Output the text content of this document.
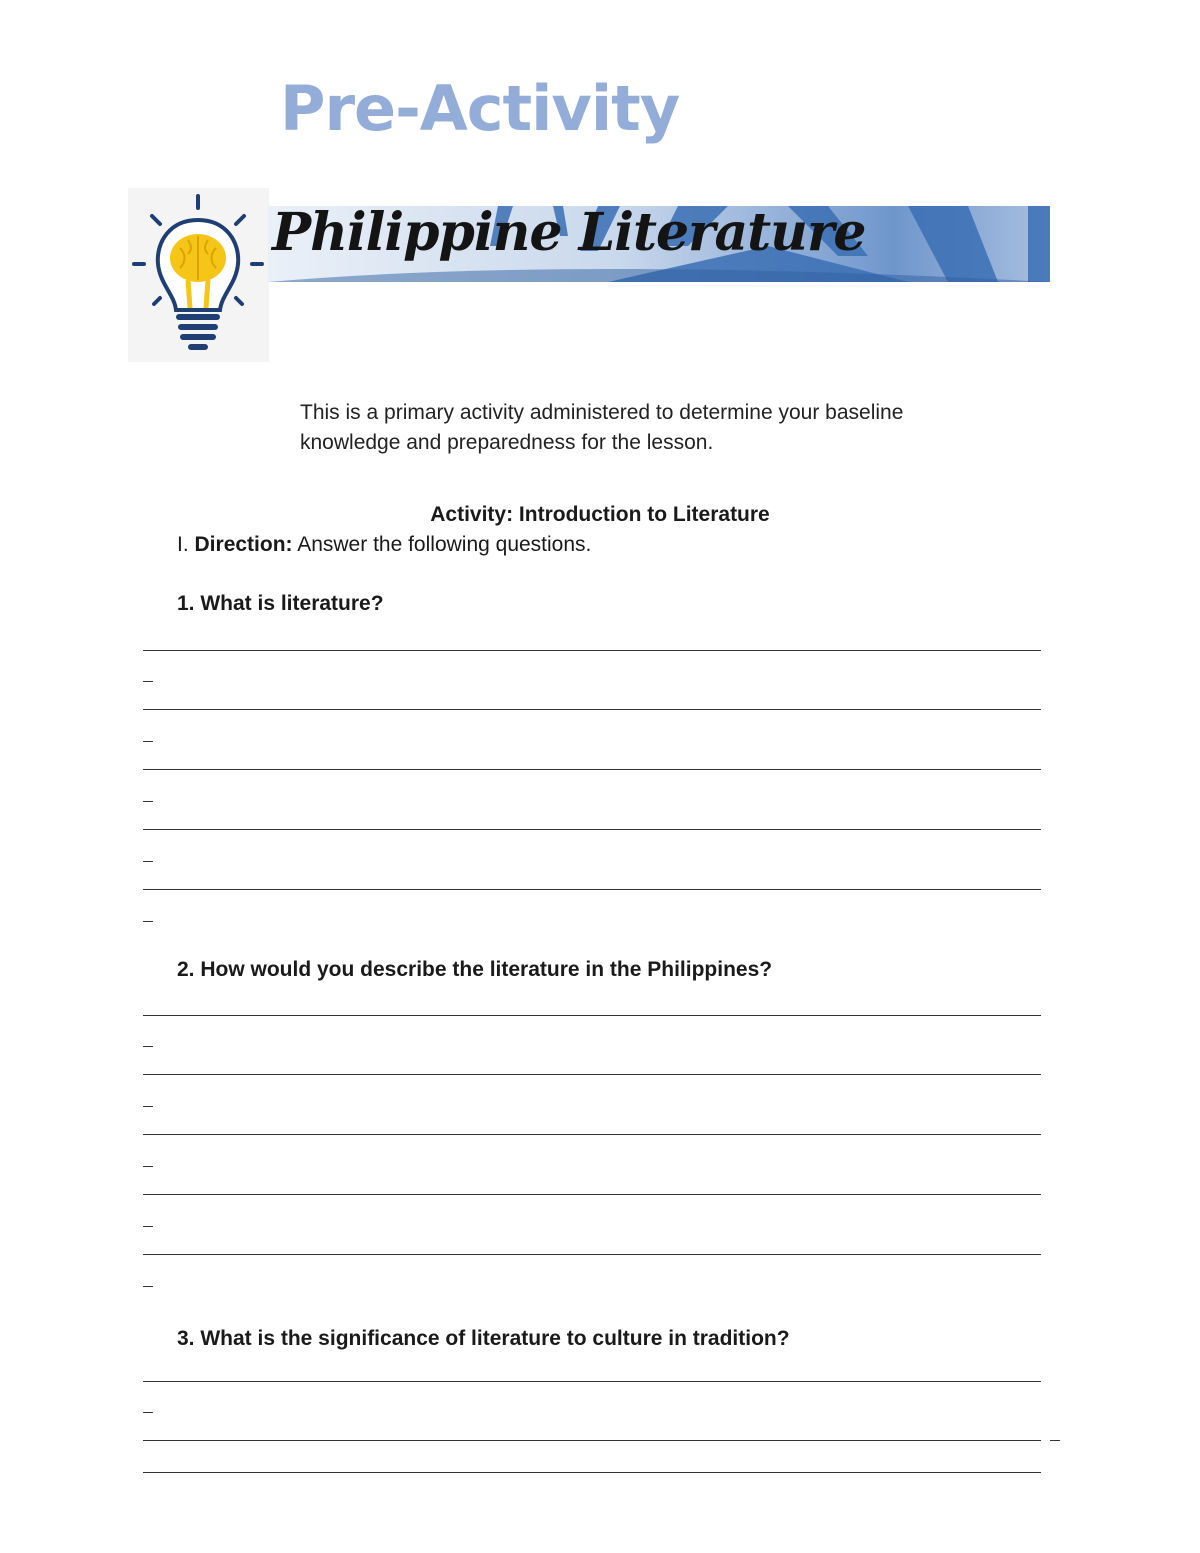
Pre-Activity
Philippine Literature
This is a primary activity administered to determine your baseline
knowledge and preparedness for the lesson.
Activity: Introduction to Literature
I. Direction: Answer the following questions.
1. What is literature?
2. How would you describe the literature in the Philippines?
3. What is the significance of literature to culture in tradition?
